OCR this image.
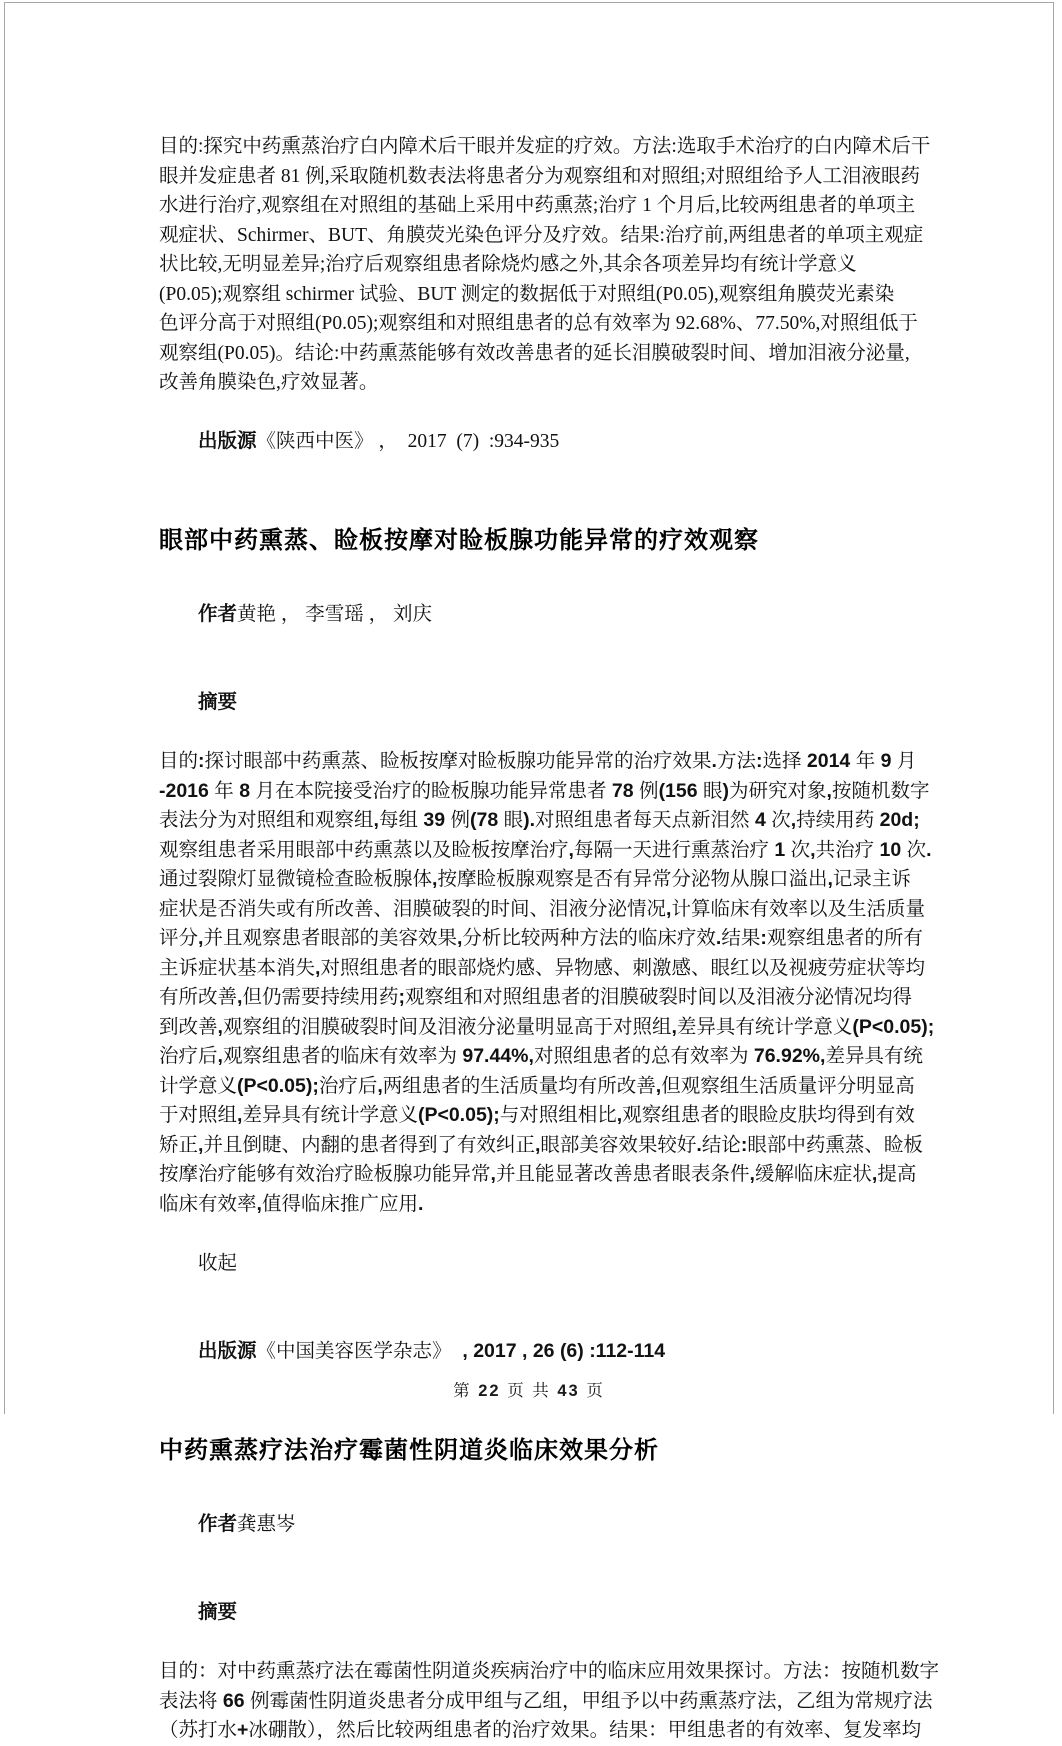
目的:探究中药熏蒸治疗白内障术后干眼并发症的疗效。方法:选取手术治疗的白内障术后干
眼并发症患者 81 例,采取随机数表法将患者分为观察组和对照组;对照组给予人工泪液眼药
水进行治疗,观察组在对照组的基础上采用中药熏蒸;治疗 1 个月后,比较两组患者的单项主
观症状、Schirmer、BUT、角膜荧光染色评分及疗效。结果:治疗前,两组患者的单项主观症
状比较,无明显差异;治疗后观察组患者除烧灼感之外,其余各项差异均有统计学意义
(P0.05);观察组 schirmer 试验、BUT 测定的数据低于对照组(P0.05),观察组角膜荧光素染
色评分高于对照组(P0.05);观察组和对照组患者的总有效率为 92.68%、77.50%,对照组低于
观察组(P0.05)。结论:中药熏蒸能够有效改善患者的延长泪膜破裂时间、增加泪液分泌量,
改善角膜染色,疗效显著。

出版源《陕西中医》 ，  2017  (7)  :934-935

眼部中药熏蒸、睑板按摩对睑板腺功能异常的疗效观察

作者黄艳 ， 李雪瑶 ， 刘庆

摘要

目的:探讨眼部中药熏蒸、睑板按摩对睑板腺功能异常的治疗效果.方法:选择 2014 年 9 月
-2016 年 8 月在本院接受治疗的睑板腺功能异常患者 78 例(156 眼)为研究对象,按随机数字
表法分为对照组和观察组,每组 39 例(78 眼).对照组患者每天点新泪然 4 次,持续用药 20d;
观察组患者采用眼部中药熏蒸以及睑板按摩治疗,每隔一天进行熏蒸治疗 1 次,共治疗 10 次.
通过裂隙灯显微镜检查睑板腺体,按摩睑板腺观察是否有异常分泌物从腺口溢出,记录主诉
症状是否消失或有所改善、泪膜破裂的时间、泪液分泌情况,计算临床有效率以及生活质量
评分,并且观察患者眼部的美容效果,分析比较两种方法的临床疗效.结果:观察组患者的所有
主诉症状基本消失,对照组患者的眼部烧灼感、异物感、刺激感、眼红以及视疲劳症状等均
有所改善,但仍需要持续用药;观察组和对照组患者的泪膜破裂时间以及泪液分泌情况均得
到改善,观察组的泪膜破裂时间及泪液分泌量明显高于对照组,差异具有统计学意义(P<0.05);
治疗后,观察组患者的临床有效率为 97.44%,对照组患者的总有效率为 76.92%,差异具有统
计学意义(P<0.05);治疗后,两组患者的生活质量均有所改善,但观察组生活质量评分明显高
于对照组,差异具有统计学意义(P<0.05);与对照组相比,观察组患者的眼睑皮肤均得到有效
矫正,并且倒睫、内翻的患者得到了有效纠正,眼部美容效果较好.结论:眼部中药熏蒸、睑板
按摩治疗能够有效治疗睑板腺功能异常,并且能显著改善患者眼表条件,缓解临床症状,提高
临床有效率,值得临床推广应用.

收起

出版源《中国美容医学杂志》  , 2017 , 26 (6) :112-114

中药熏蒸疗法治疗霉菌性阴道炎临床效果分析

作者龚惠岑

摘要

目的：对中药熏蒸疗法在霉菌性阴道炎疾病治疗中的临床应用效果探讨。方法：按随机数字
表法将 66 例霉菌性阴道炎患者分成甲组与乙组，甲组予以中药熏蒸疗法，乙组为常规疗法
（苏打水+冰硼散），然后比较两组患者的治疗效果。结果：甲组患者的有效率、复发率均
第 22 页 共 43 页
